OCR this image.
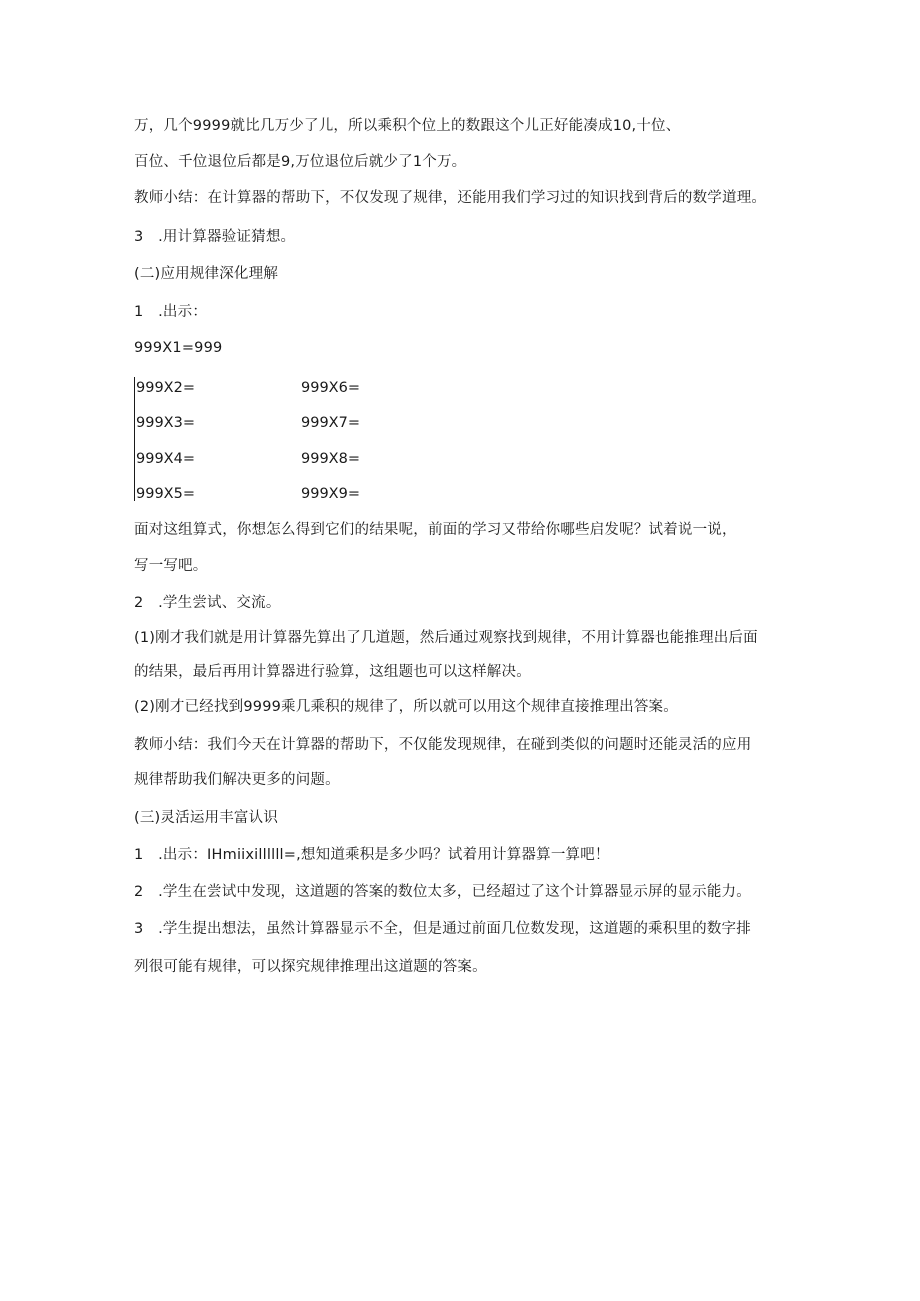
万，几个9999就比几万少了儿，所以乘积个位上的数跟这个儿正好能凑成10,十位、
百位、千位退位后都是9,万位退位后就少了1个万。
教师小结：在计算器的帮助下，不仅发现了规律，还能用我们学习过的知识找到背后的数学道理。
3　.用计算器验证猜想。
(二)应用规律深化理解
1　.出示：
999X1=999
999X2=
999X3=
999X4=
999X5=
999X6=
999X7=
999X8=
999X9=
面对这组算式，你想怎么得到它们的结果呢，前面的学习又带给你哪些启发呢？试着说一说，
写一写吧。
2　.学生尝试、交流。
(1)刚才我们就是用计算器先算出了几道题，然后通过观察找到规律，不用计算器也能推理出后面
的结果，最后再用计算器进行验算，这组题也可以这样解决。
(2)刚才已经找到9999乘几乘积的规律了，所以就可以用这个规律直接推理出答案。
教师小结：我们今天在计算器的帮助下，不仅能发现规律，在碰到类似的问题时还能灵活的应用
规律帮助我们解决更多的问题。
(三)灵活运用丰富认识
1　.出示：IHmiixillllll=,想知道乘积是多少吗？试着用计算器算一算吧！
2　.学生在尝试中发现，这道题的答案的数位太多，已经超过了这个计算器显示屏的显示能力。
3　.学生提出想法，虽然计算器显示不全，但是通过前面几位数发现，这道题的乘积里的数字排
列很可能有规律，可以探究规律推理出这道题的答案。
